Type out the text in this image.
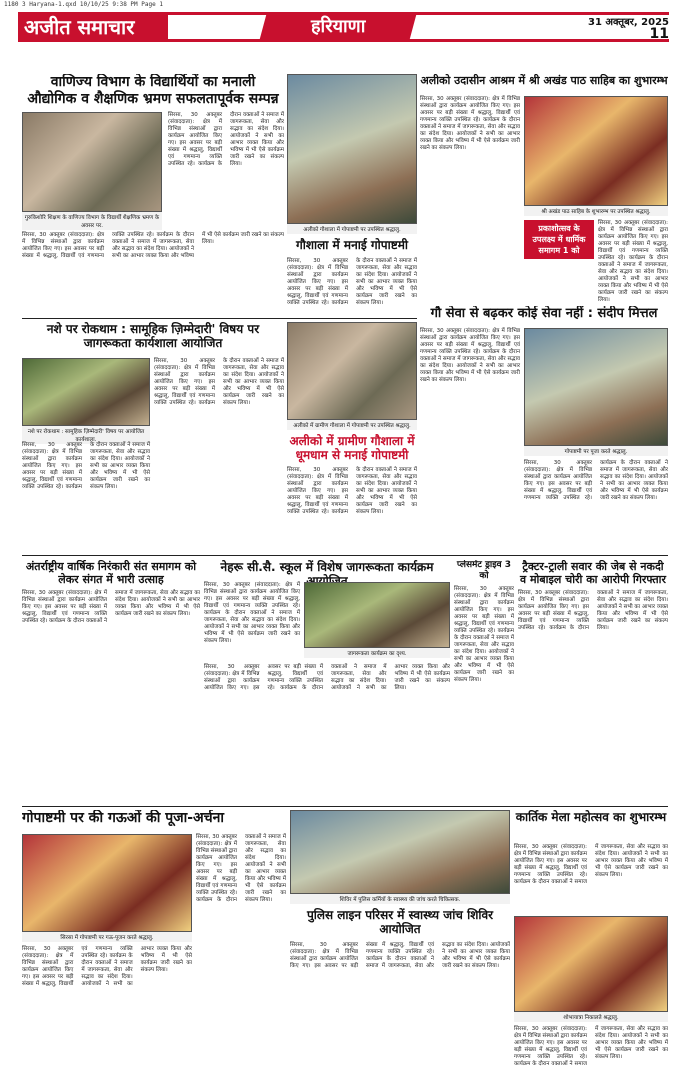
1180 3 Haryana-1.qxd 10/10/25 9:38 PM Page 1
अजीत समाचार	हरियाणा	31 अक्तूबर, 2025
11
वाणिज्य विभाग के विद्यार्थियों का मनाली औद्योगिक व शैक्षणिक भ्रमण सफलतापूर्वक सम्पन्न
गुरुकिशोरि शिक्षण के वाणिज्य विभाग के विद्यार्थी शैक्षणिक भ्रमण के अवसर पर.
सिरसा, 30 अक्तूबर (संवाददाता): क्षेत्र में विभिन्न संस्थाओं द्वारा कार्यक्रम आयोजित किए गए। इस अवसर पर बड़ी संख्या में श्रद्धालु, विद्यार्थी एवं गणमान्य व्यक्ति उपस्थित रहे। कार्यक्रम के दौरान वक्ताओं ने समाज में जागरूकता, सेवा और सद्भाव का संदेश दिया। आयोजकों ने सभी का आभार व्यक्त किया और भविष्य में भी ऐसे कार्यक्रम जारी रखने का संकल्प लिया।
सिरसा, 30 अक्तूबर (संवाददाता): क्षेत्र में विभिन्न संस्थाओं द्वारा कार्यक्रम आयोजित किए गए। इस अवसर पर बड़ी संख्या में श्रद्धालु, विद्यार्थी एवं गणमान्य व्यक्ति उपस्थित रहे। कार्यक्रम के दौरान वक्ताओं ने समाज में जागरूकता, सेवा और सद्भाव का संदेश दिया। आयोजकों ने सभी का आभार व्यक्त किया और भविष्य में भी ऐसे कार्यक्रम जारी रखने का संकल्प लिया।
अलीको गौशाला में गोपाष्टमी पर उपस्थित श्रद्धालु.
गौशाला में मनाई गोपाष्टमी
सिरसा, 30 अक्तूबर (संवाददाता): क्षेत्र में विभिन्न संस्थाओं द्वारा कार्यक्रम आयोजित किए गए। इस अवसर पर बड़ी संख्या में श्रद्धालु, विद्यार्थी एवं गणमान्य व्यक्ति उपस्थित रहे। कार्यक्रम के दौरान वक्ताओं ने समाज में जागरूकता, सेवा और सद्भाव का संदेश दिया। आयोजकों ने सभी का आभार व्यक्त किया और भविष्य में भी ऐसे कार्यक्रम जारी रखने का संकल्प लिया।
अलीको उदासीन आश्रम में श्री अखंड पाठ साहिब का शुभारम्भ
सिरसा, 30 अक्तूबर (संवाददाता): क्षेत्र में विभिन्न संस्थाओं द्वारा कार्यक्रम आयोजित किए गए। इस अवसर पर बड़ी संख्या में श्रद्धालु, विद्यार्थी एवं गणमान्य व्यक्ति उपस्थित रहे। कार्यक्रम के दौरान वक्ताओं ने समाज में जागरूकता, सेवा और सद्भाव का संदेश दिया। आयोजकों ने सभी का आभार व्यक्त किया और भविष्य में भी ऐसे कार्यक्रम जारी रखने का संकल्प लिया।
श्री अखंड पाठ साहिब के शुभारम्भ पर उपस्थित श्रद्धालु.
प्रकाशोत्सव के उपलक्ष्य में धार्मिक समागम 1 को
सिरसा, 30 अक्तूबर (संवाददाता): क्षेत्र में विभिन्न संस्थाओं द्वारा कार्यक्रम आयोजित किए गए। इस अवसर पर बड़ी संख्या में श्रद्धालु, विद्यार्थी एवं गणमान्य व्यक्ति उपस्थित रहे। कार्यक्रम के दौरान वक्ताओं ने समाज में जागरूकता, सेवा और सद्भाव का संदेश दिया। आयोजकों ने सभी का आभार व्यक्त किया और भविष्य में भी ऐसे कार्यक्रम जारी रखने का संकल्प लिया।
नशे पर रोकथाम : सामूहिक ज़िम्मेदारी' विषय पर जागरूकता कार्यशाला आयोजित
नशे पर रोकथाम : सामूहिक ज़िम्मेदारी' विषय पर आयोजित कार्यशाला.
सिरसा, 30 अक्तूबर (संवाददाता): क्षेत्र में विभिन्न संस्थाओं द्वारा कार्यक्रम आयोजित किए गए। इस अवसर पर बड़ी संख्या में श्रद्धालु, विद्यार्थी एवं गणमान्य व्यक्ति उपस्थित रहे। कार्यक्रम के दौरान वक्ताओं ने समाज में जागरूकता, सेवा और सद्भाव का संदेश दिया। आयोजकों ने सभी का आभार व्यक्त किया और भविष्य में भी ऐसे कार्यक्रम जारी रखने का संकल्प लिया।
सिरसा, 30 अक्तूबर (संवाददाता): क्षेत्र में विभिन्न संस्थाओं द्वारा कार्यक्रम आयोजित किए गए। इस अवसर पर बड़ी संख्या में श्रद्धालु, विद्यार्थी एवं गणमान्य व्यक्ति उपस्थित रहे। कार्यक्रम के दौरान वक्ताओं ने समाज में जागरूकता, सेवा और सद्भाव का संदेश दिया। आयोजकों ने सभी का आभार व्यक्त किया और भविष्य में भी ऐसे कार्यक्रम जारी रखने का संकल्प लिया।
अलीको में ग्रामीण गौशाला में गोपाष्टमी पर उपस्थित श्रद्धालु.
अलीको में ग्रामीण गौशाला में धूमधाम से मनाई गोपाष्टमी
सिरसा, 30 अक्तूबर (संवाददाता): क्षेत्र में विभिन्न संस्थाओं द्वारा कार्यक्रम आयोजित किए गए। इस अवसर पर बड़ी संख्या में श्रद्धालु, विद्यार्थी एवं गणमान्य व्यक्ति उपस्थित रहे। कार्यक्रम के दौरान वक्ताओं ने समाज में जागरूकता, सेवा और सद्भाव का संदेश दिया। आयोजकों ने सभी का आभार व्यक्त किया और भविष्य में भी ऐसे कार्यक्रम जारी रखने का संकल्प लिया।
गौ सेवा से बढ़कर कोई सेवा नहीं : संदीप मित्तल
सिरसा, 30 अक्तूबर (संवाददाता): क्षेत्र में विभिन्न संस्थाओं द्वारा कार्यक्रम आयोजित किए गए। इस अवसर पर बड़ी संख्या में श्रद्धालु, विद्यार्थी एवं गणमान्य व्यक्ति उपस्थित रहे। कार्यक्रम के दौरान वक्ताओं ने समाज में जागरूकता, सेवा और सद्भाव का संदेश दिया। आयोजकों ने सभी का आभार व्यक्त किया और भविष्य में भी ऐसे कार्यक्रम जारी रखने का संकल्प लिया।
गोपाष्टमी पर पूजा करते श्रद्धालु.
सिरसा, 30 अक्तूबर (संवाददाता): क्षेत्र में विभिन्न संस्थाओं द्वारा कार्यक्रम आयोजित किए गए। इस अवसर पर बड़ी संख्या में श्रद्धालु, विद्यार्थी एवं गणमान्य व्यक्ति उपस्थित रहे। कार्यक्रम के दौरान वक्ताओं ने समाज में जागरूकता, सेवा और सद्भाव का संदेश दिया। आयोजकों ने सभी का आभार व्यक्त किया और भविष्य में भी ऐसे कार्यक्रम जारी रखने का संकल्प लिया।
अंतर्राष्ट्रीय वार्षिक निरंकारी संत समागम को लेकर संगत में भारी उत्साह
सिरसा, 30 अक्तूबर (संवाददाता): क्षेत्र में विभिन्न संस्थाओं द्वारा कार्यक्रम आयोजित किए गए। इस अवसर पर बड़ी संख्या में श्रद्धालु, विद्यार्थी एवं गणमान्य व्यक्ति उपस्थित रहे। कार्यक्रम के दौरान वक्ताओं ने समाज में जागरूकता, सेवा और सद्भाव का संदेश दिया। आयोजकों ने सभी का आभार व्यक्त किया और भविष्य में भी ऐसे कार्यक्रम जारी रखने का संकल्प लिया।
नेहरू सी.सै. स्कूल में विशेष जागरूकता कार्यक्रम
सिरसा, 30 अक्तूबर (संवाददाता): क्षेत्र में विभिन्न संस्थाओं द्वारा कार्यक्रम आयोजित किए गए। इस अवसर पर बड़ी संख्या में श्रद्धालु, विद्यार्थी एवं गणमान्य व्यक्ति उपस्थित रहे। कार्यक्रम के दौरान वक्ताओं ने समाज में जागरूकता, सेवा और सद्भाव का संदेश दिया। आयोजकों ने सभी का आभार व्यक्त किया और भविष्य में भी ऐसे कार्यक्रम जारी रखने का संकल्प लिया।
जागरूकता कार्यक्रम का दृश्य.
सिरसा, 30 अक्तूबर (संवाददाता): क्षेत्र में विभिन्न संस्थाओं द्वारा कार्यक्रम आयोजित किए गए। इस अवसर पर बड़ी संख्या में श्रद्धालु, विद्यार्थी एवं गणमान्य व्यक्ति उपस्थित रहे। कार्यक्रम के दौरान वक्ताओं ने समाज में जागरूकता, सेवा और सद्भाव का संदेश दिया। आयोजकों ने सभी का आभार व्यक्त किया और भविष्य में भी ऐसे कार्यक्रम जारी रखने का संकल्प लिया।
प्लेसमेंट ड्राइव 3 को
सिरसा, 30 अक्तूबर (संवाददाता): क्षेत्र में विभिन्न संस्थाओं द्वारा कार्यक्रम आयोजित किए गए। इस अवसर पर बड़ी संख्या में श्रद्धालु, विद्यार्थी एवं गणमान्य व्यक्ति उपस्थित रहे। कार्यक्रम के दौरान वक्ताओं ने समाज में जागरूकता, सेवा और सद्भाव का संदेश दिया। आयोजकों ने सभी का आभार व्यक्त किया और भविष्य में भी ऐसे कार्यक्रम जारी रखने का संकल्प लिया।
ट्रैक्टर-ट्राली सवार की जेब से नकदी व मोबाइल चोरी का आरोपी गिरफ्तार
सिरसा, 30 अक्तूबर (संवाददाता): क्षेत्र में विभिन्न संस्थाओं द्वारा कार्यक्रम आयोजित किए गए। इस अवसर पर बड़ी संख्या में श्रद्धालु, विद्यार्थी एवं गणमान्य व्यक्ति उपस्थित रहे। कार्यक्रम के दौरान वक्ताओं ने समाज में जागरूकता, सेवा और सद्भाव का संदेश दिया। आयोजकों ने सभी का आभार व्यक्त किया और भविष्य में भी ऐसे कार्यक्रम जारी रखने का संकल्प लिया।
गोपाष्टमी पर की गऊओं की पूजा-अर्चना
सिरसा में गोपाष्टमी पर गऊ-पूजन करते श्रद्धालु.
सिरसा, 30 अक्तूबर (संवाददाता): क्षेत्र में विभिन्न संस्थाओं द्वारा कार्यक्रम आयोजित किए गए। इस अवसर पर बड़ी संख्या में श्रद्धालु, विद्यार्थी एवं गणमान्य व्यक्ति उपस्थित रहे। कार्यक्रम के दौरान वक्ताओं ने समाज में जागरूकता, सेवा और सद्भाव का संदेश दिया। आयोजकों ने सभी का आभार व्यक्त किया और भविष्य में भी ऐसे कार्यक्रम जारी रखने का संकल्प लिया।
सिरसा, 30 अक्तूबर (संवाददाता): क्षेत्र में विभिन्न संस्थाओं द्वारा कार्यक्रम आयोजित किए गए। इस अवसर पर बड़ी संख्या में श्रद्धालु, विद्यार्थी एवं गणमान्य व्यक्ति उपस्थित रहे। कार्यक्रम के दौरान वक्ताओं ने समाज में जागरूकता, सेवा और सद्भाव का संदेश दिया। आयोजकों ने सभी का आभार व्यक्त किया और भविष्य में भी ऐसे कार्यक्रम जारी रखने का संकल्प लिया।
शिविर में पुलिस कर्मियों के स्वास्थ्य की जांच करते चिकित्सक.
पुलिस लाइन परिसर में स्वास्थ्य जांच शिविर आयोजित
सिरसा, 30 अक्तूबर (संवाददाता): क्षेत्र में विभिन्न संस्थाओं द्वारा कार्यक्रम आयोजित किए गए। इस अवसर पर बड़ी संख्या में श्रद्धालु, विद्यार्थी एवं गणमान्य व्यक्ति उपस्थित रहे। कार्यक्रम के दौरान वक्ताओं ने समाज में जागरूकता, सेवा और सद्भाव का संदेश दिया। आयोजकों ने सभी का आभार व्यक्त किया और भविष्य में भी ऐसे कार्यक्रम जारी रखने का संकल्प लिया।
कार्तिक मेला महोत्सव का शुभारम्भ
सिरसा, 30 अक्तूबर (संवाददाता): क्षेत्र में विभिन्न संस्थाओं द्वारा कार्यक्रम आयोजित किए गए। इस अवसर पर बड़ी संख्या में श्रद्धालु, विद्यार्थी एवं गणमान्य व्यक्ति उपस्थित रहे। कार्यक्रम के दौरान वक्ताओं ने समाज में जागरूकता, सेवा और सद्भाव का संदेश दिया। आयोजकों ने सभी का आभार व्यक्त किया और भविष्य में भी ऐसे कार्यक्रम जारी रखने का संकल्प लिया।
शोभायात्रा निकालते श्रद्धालु.
सिरसा, 30 अक्तूबर (संवाददाता): क्षेत्र में विभिन्न संस्थाओं द्वारा कार्यक्रम आयोजित किए गए। इस अवसर पर बड़ी संख्या में श्रद्धालु, विद्यार्थी एवं गणमान्य व्यक्ति उपस्थित रहे। कार्यक्रम के दौरान वक्ताओं ने समाज में जागरूकता, सेवा और सद्भाव का संदेश दिया। आयोजकों ने सभी का आभार व्यक्त किया और भविष्य में भी ऐसे कार्यक्रम जारी रखने का संकल्प लिया।
